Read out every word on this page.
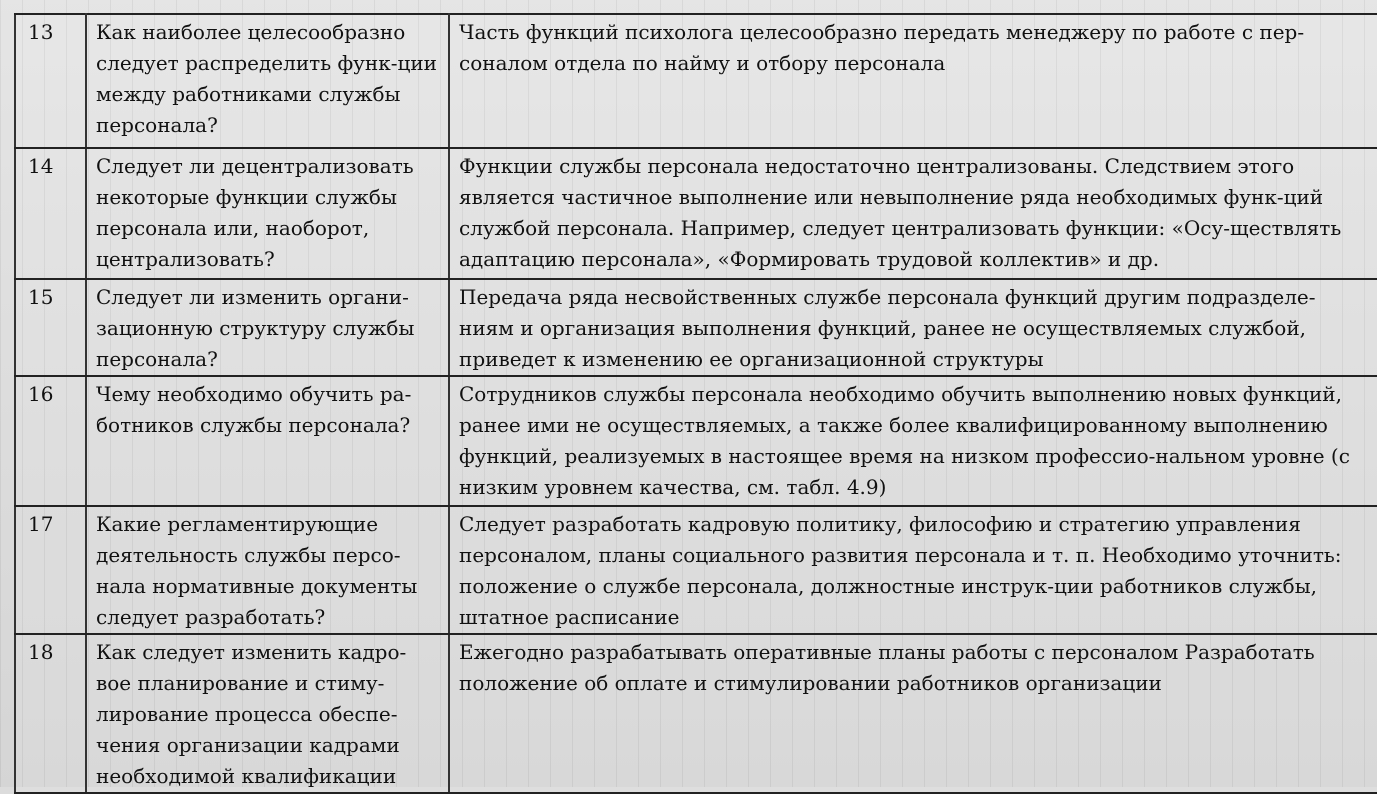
13	Как наиболее целесообразно следует распределить функ-ции между работниками службы персонала?	Часть функций психолога целесообразно передать менеджеру по работе с пер-соналом отдела по найму и отбору персонала

14	Следует ли децентрализовать некоторые функции службы персонала или, наоборот, централизовать?	Функции службы персонала недостаточно централизованы. Следствием этого является частичное выполнение или невыполнение ряда необходимых функ-ций службой персонала. Например, следует централизовать функции: «Осу-ществлять адаптацию персонала», «Формировать трудовой коллектив» и др.

15	Следует ли изменить органи-зационную структуру службы персонала?	Передача ряда несвойственных службе персонала функций другим подразделе-ниям и организация выполнения функций, ранее не осуществляемых службой, приведет к изменению ее организационной структуры

16	Чему необходимо обучить ра-ботников службы персонала?	Сотрудников службы персонала необходимо обучить выполнению новых функций, ранее ими не осуществляемых, а также более квалифицированному выполнению функций, реализуемых в настоящее время на низком профессио-нальном уровне (с низким уровнем качества, см. табл. 4.9)

17	Какие регламентирующие деятельность службы персо-нала нормативные документы следует разработать?	Следует разработать кадровую политику, философию и стратегию управления персоналом, планы социального развития персонала и т. п. Необходимо уточнить: положение о службе персонала, должностные инструк-ции работников службы, штатное расписание

18	Как следует изменить кадро-вое планирование и стиму-лирование процесса обеспе-чения организации кадрами необходимой квалификации	Ежегодно разрабатывать оперативные планы работы с персоналом Разработать положение об оплате и стимулировании работников организации
